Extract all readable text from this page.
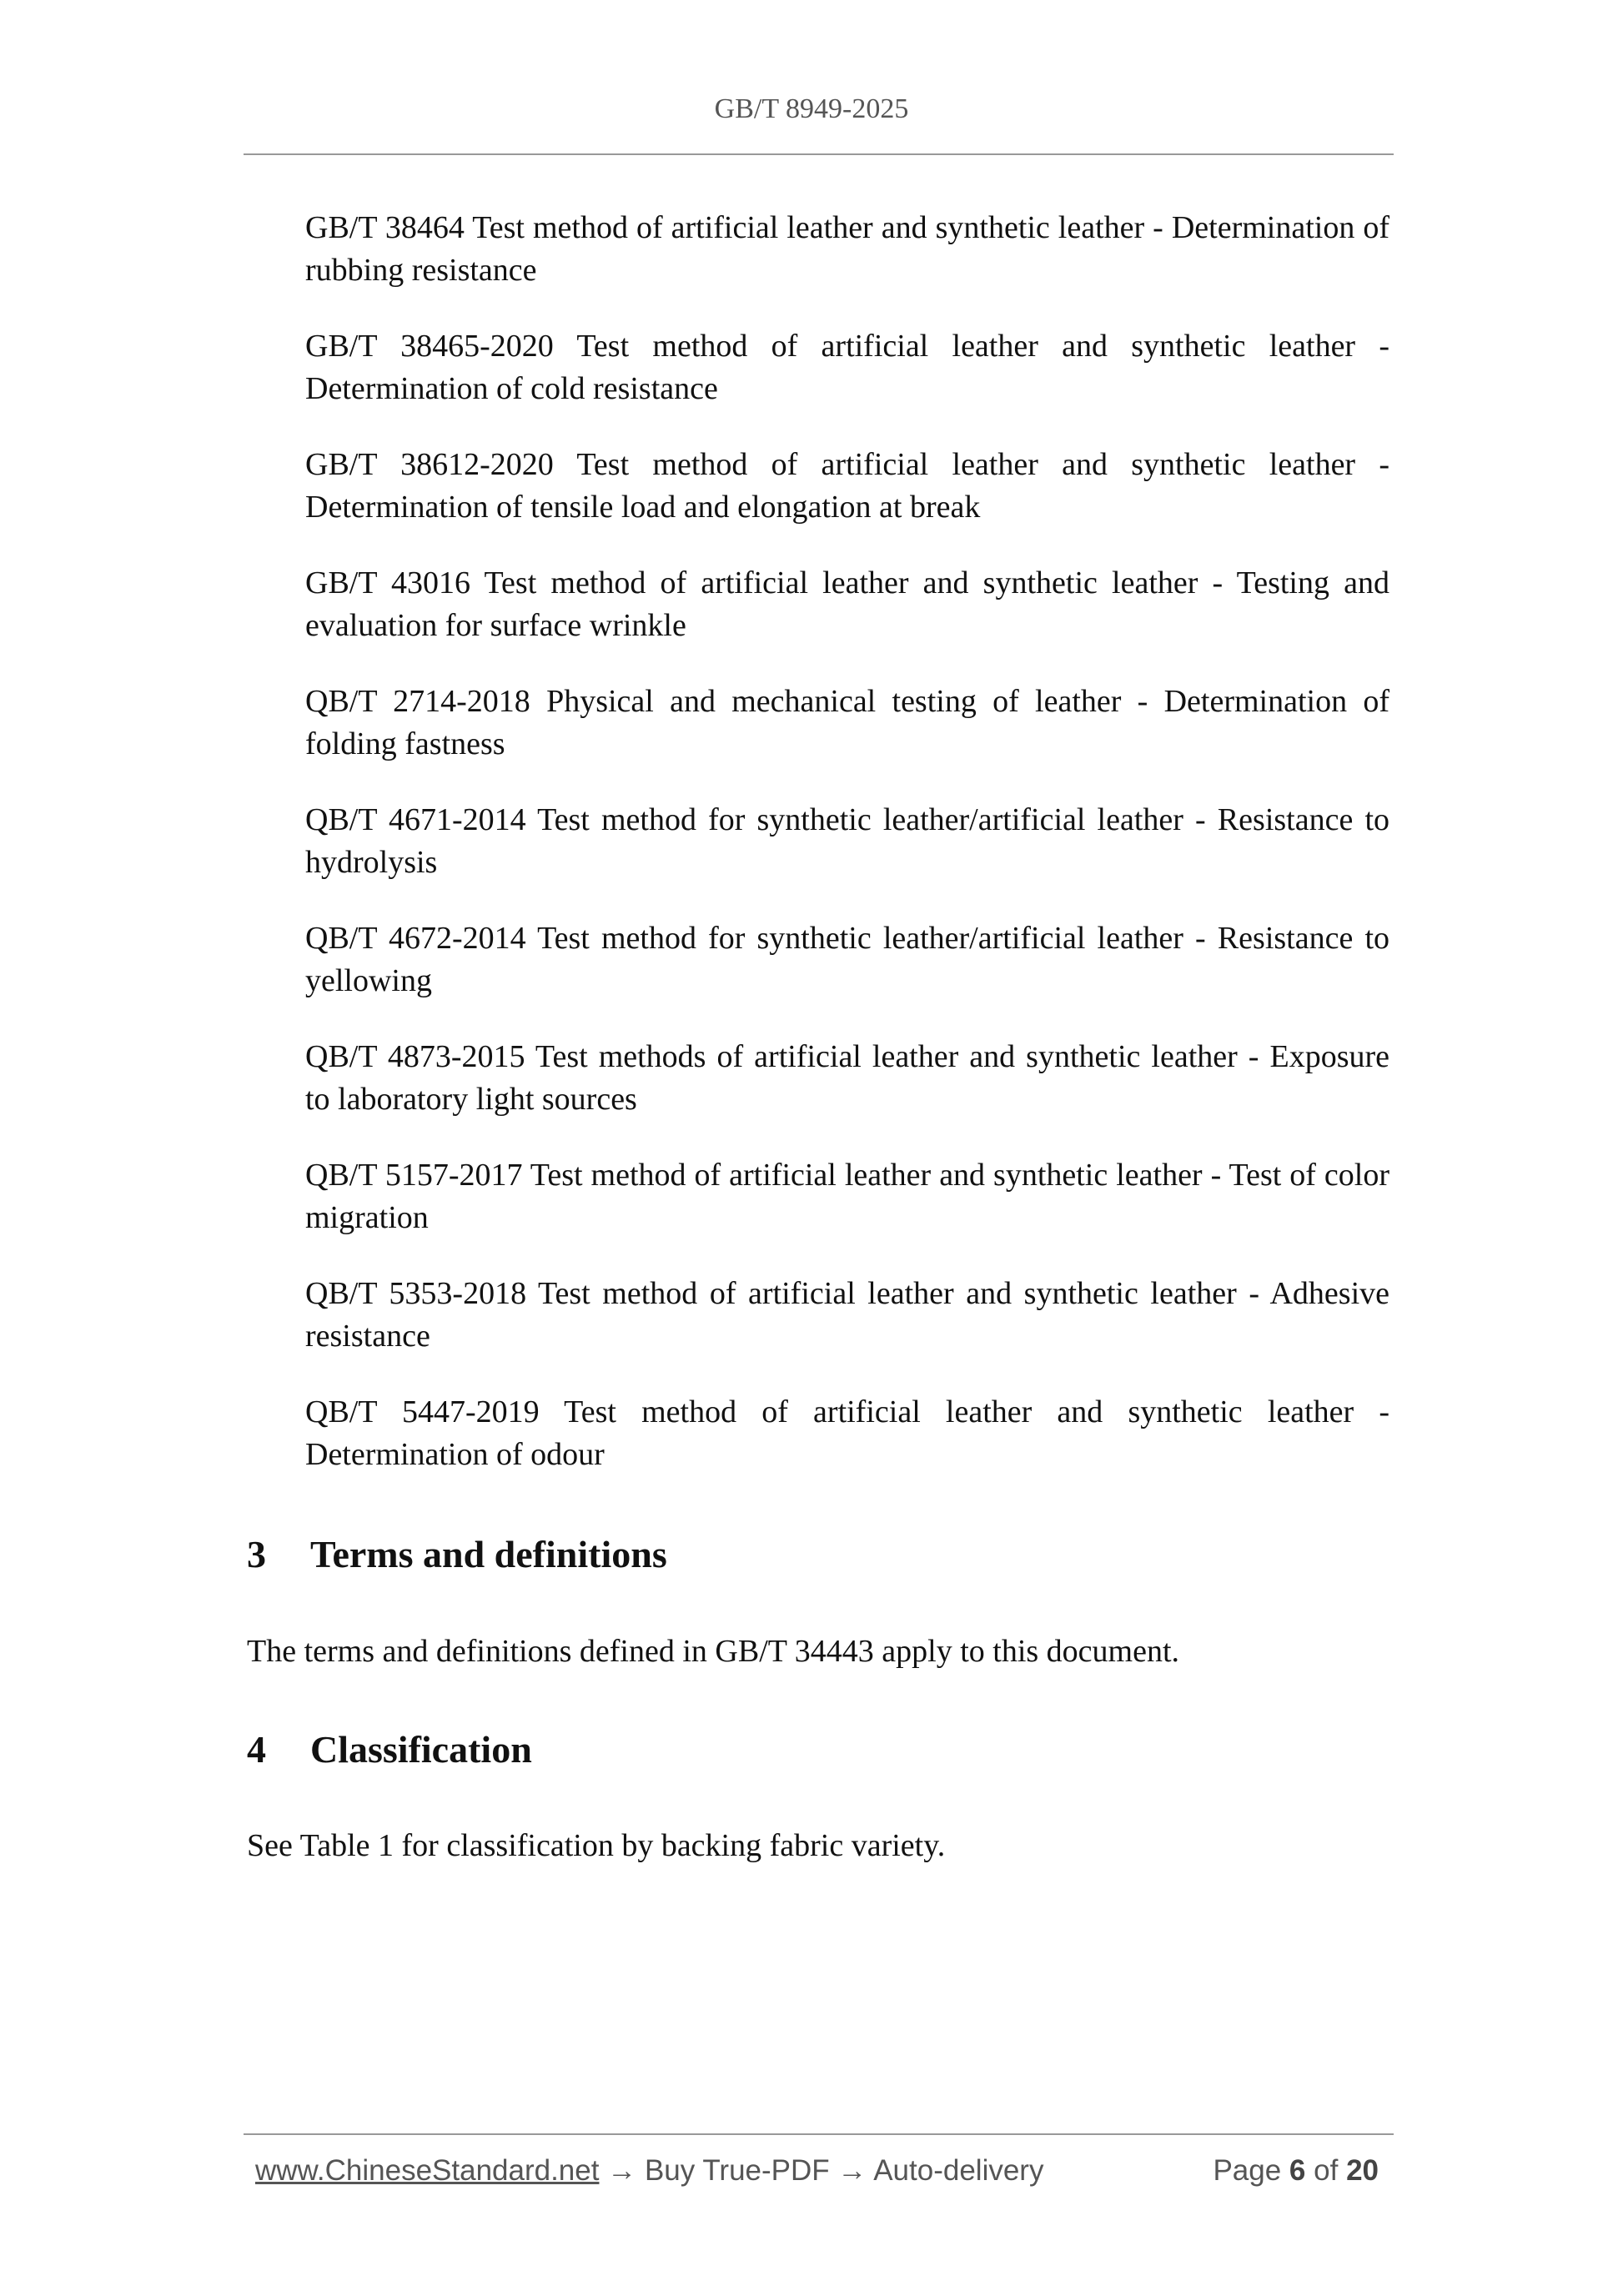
GB/T 8949-2025
GB/T 38464 Test method of artificial leather and synthetic leather - Determination of rubbing resistance
GB/T 38465-2020 Test method of artificial leather and synthetic leather - Determination of cold resistance
GB/T 38612-2020 Test method of artificial leather and synthetic leather - Determination of tensile load and elongation at break
GB/T 43016 Test method of artificial leather and synthetic leather - Testing and evaluation for surface wrinkle
QB/T 2714-2018 Physical and mechanical testing of leather - Determination of folding fastness
QB/T 4671-2014 Test method for synthetic leather/artificial leather - Resistance to hydrolysis
QB/T 4672-2014 Test method for synthetic leather/artificial leather - Resistance to yellowing
QB/T 4873-2015 Test methods of artificial leather and synthetic leather - Exposure to laboratory light sources
QB/T 5157-2017 Test method of artificial leather and synthetic leather - Test of color migration
QB/T 5353-2018 Test method of artificial leather and synthetic leather - Adhesive resistance
QB/T 5447-2019 Test method of artificial leather and synthetic leather - Determination of odour
3 Terms and definitions
The terms and definitions defined in GB/T 34443 apply to this document.
4 Classification
See Table 1 for classification by backing fabric variety.
www.ChineseStandard.net → Buy True-PDF → Auto-delivery	Page 6 of 20
